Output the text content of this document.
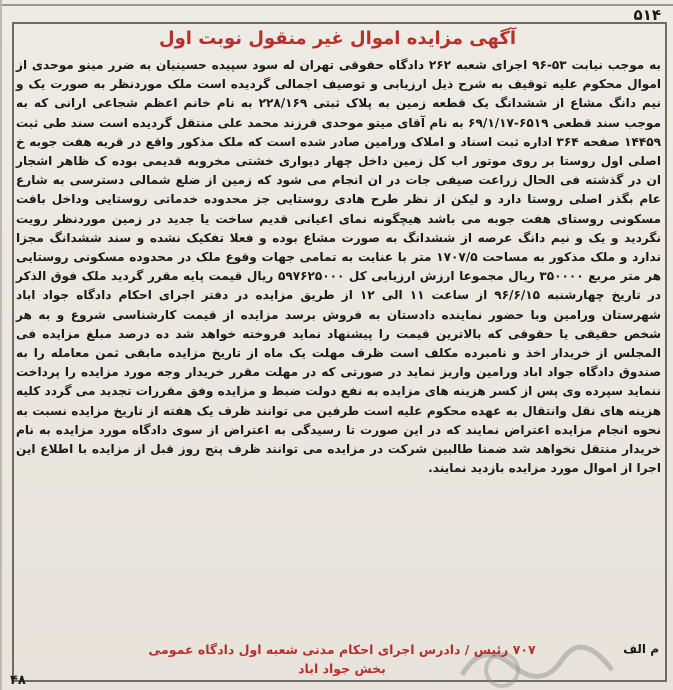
۵۱۴
آگهی مزایده اموال غیر منقول نوبت اول
به موجب نیابت ۵۳-۹۶ اجرای شعبه ۲۶۲ دادگاه حقوقی تهران له سود سپیده حسینیان به ضرر مینو موحدی از اموال محکوم علیه توقیف به شرح ذیل ارزیابی و توصیف اجمالی گردیده است ملک موردنظر به صورت یک و نیم دانگ مشاع از ششدانگ یک قطعه زمین به پلاک ثبتی ۲۲۸/۱۶۹ به نام خانم اعظم شجاعی ارانی که به موجب سند قطعی ۶۵۱۹-۶۹/۱/۱۷ به نام آقای میتو موحدی فرزند محمد علی منتقل گردیده است سند طی ثبت ۱۴۴۵۹ صفحه ۳۶۴ اداره ثبت اسناد و املاک ورامین صادر شده است که ملک مذکور واقع در قریه هفت جوبه خ اصلی اول روستا بر روی موتور اب کل زمین داخل چهار دیواری خشتی مخروبه قدیمی بوده ک ظاهر اشجار ان در گذشته فی الحال زراعت صیفی جات در ان انجام می شود که زمین از ضلع شمالی دسترسی به شارع عام بگذر اصلی روستا دارد و لیکن از نظر طرح هادی روستایی جز محدوده خدماتی روستایی وداخل بافت مسکونی روستای هفت جوبه می باشد هیچگونه نمای اعیانی قدیم ساخت یا جدید در زمین موردنظر رویت نگردید و یک و نیم دانگ عرصه از ششدانگ به صورت مشاع بوده و فعلا تفکیک نشده و سند ششدانگ مجزا ندارد و ملک مذکور به مساحت ۱۷۰۷/۵ متر با عنایت به تمامی جهات وقوع ملک در محدوده مسکونی روستایی هر متر مربع ۳۵۰۰۰۰ ریال مجموعا ارزش ارزیابی کل ۵۹۷۶۲۵۰۰۰ ریال قیمت پایه مقرر گردید ملک فوق الذکر در تاریخ چهارشنبه ۹۶/۶/۱۵ از ساعت ۱۱ الی ۱۲ از طریق مزایده در دفتر اجرای احکام دادگاه جواد اباد شهرستان ورامین وبا حضور نماینده دادستان به فروش برسد مزایده از قیمت کارشناسی شروع و به هر شخص حقیقی یا حقوقی که بالاترین قیمت را پیشنهاد نماید فروخته خواهد شد ده درصد مبلغ مزایده فی المجلس از خریدار اخذ و نامبرده مکلف است ظرف مهلت یک ماه از تاریخ مزایده مابقی ثمن معامله را به صندوق دادگاه جواد اباد ورامین واریز نماید در صورتی که در مهلت مقرر خریدار وجه مورد مزایده را پرداخت ننماید سپرده وی پس از کسر هزینه های مزایده به نفع دولت ضبط و مزایده وفق مقررات تجدید می گردد کلیه هزینه های نقل وانتقال به عهده محکوم علیه است طرفین می توانند ظرف یک هفته از تاریخ مزایده نسبت به نحوه انجام مزایده اعتراض نمایند که در این صورت تا رسیدگی به اعتراض از سوی دادگاه مورد مزایده به نام خریدار منتقل نخواهد شد ضمنا طالبین شرکت در مزایده می توانند ظرف پنج روز قبل از مزایده با اطلاع این اجرا از اموال مورد مزایده بازدید نمایند.
م الف
۷۰۷ رئیس / دادرس اجرای احکام مدنی شعبه اول دادگاه عمومی بخش جواد اباد
۴۸
